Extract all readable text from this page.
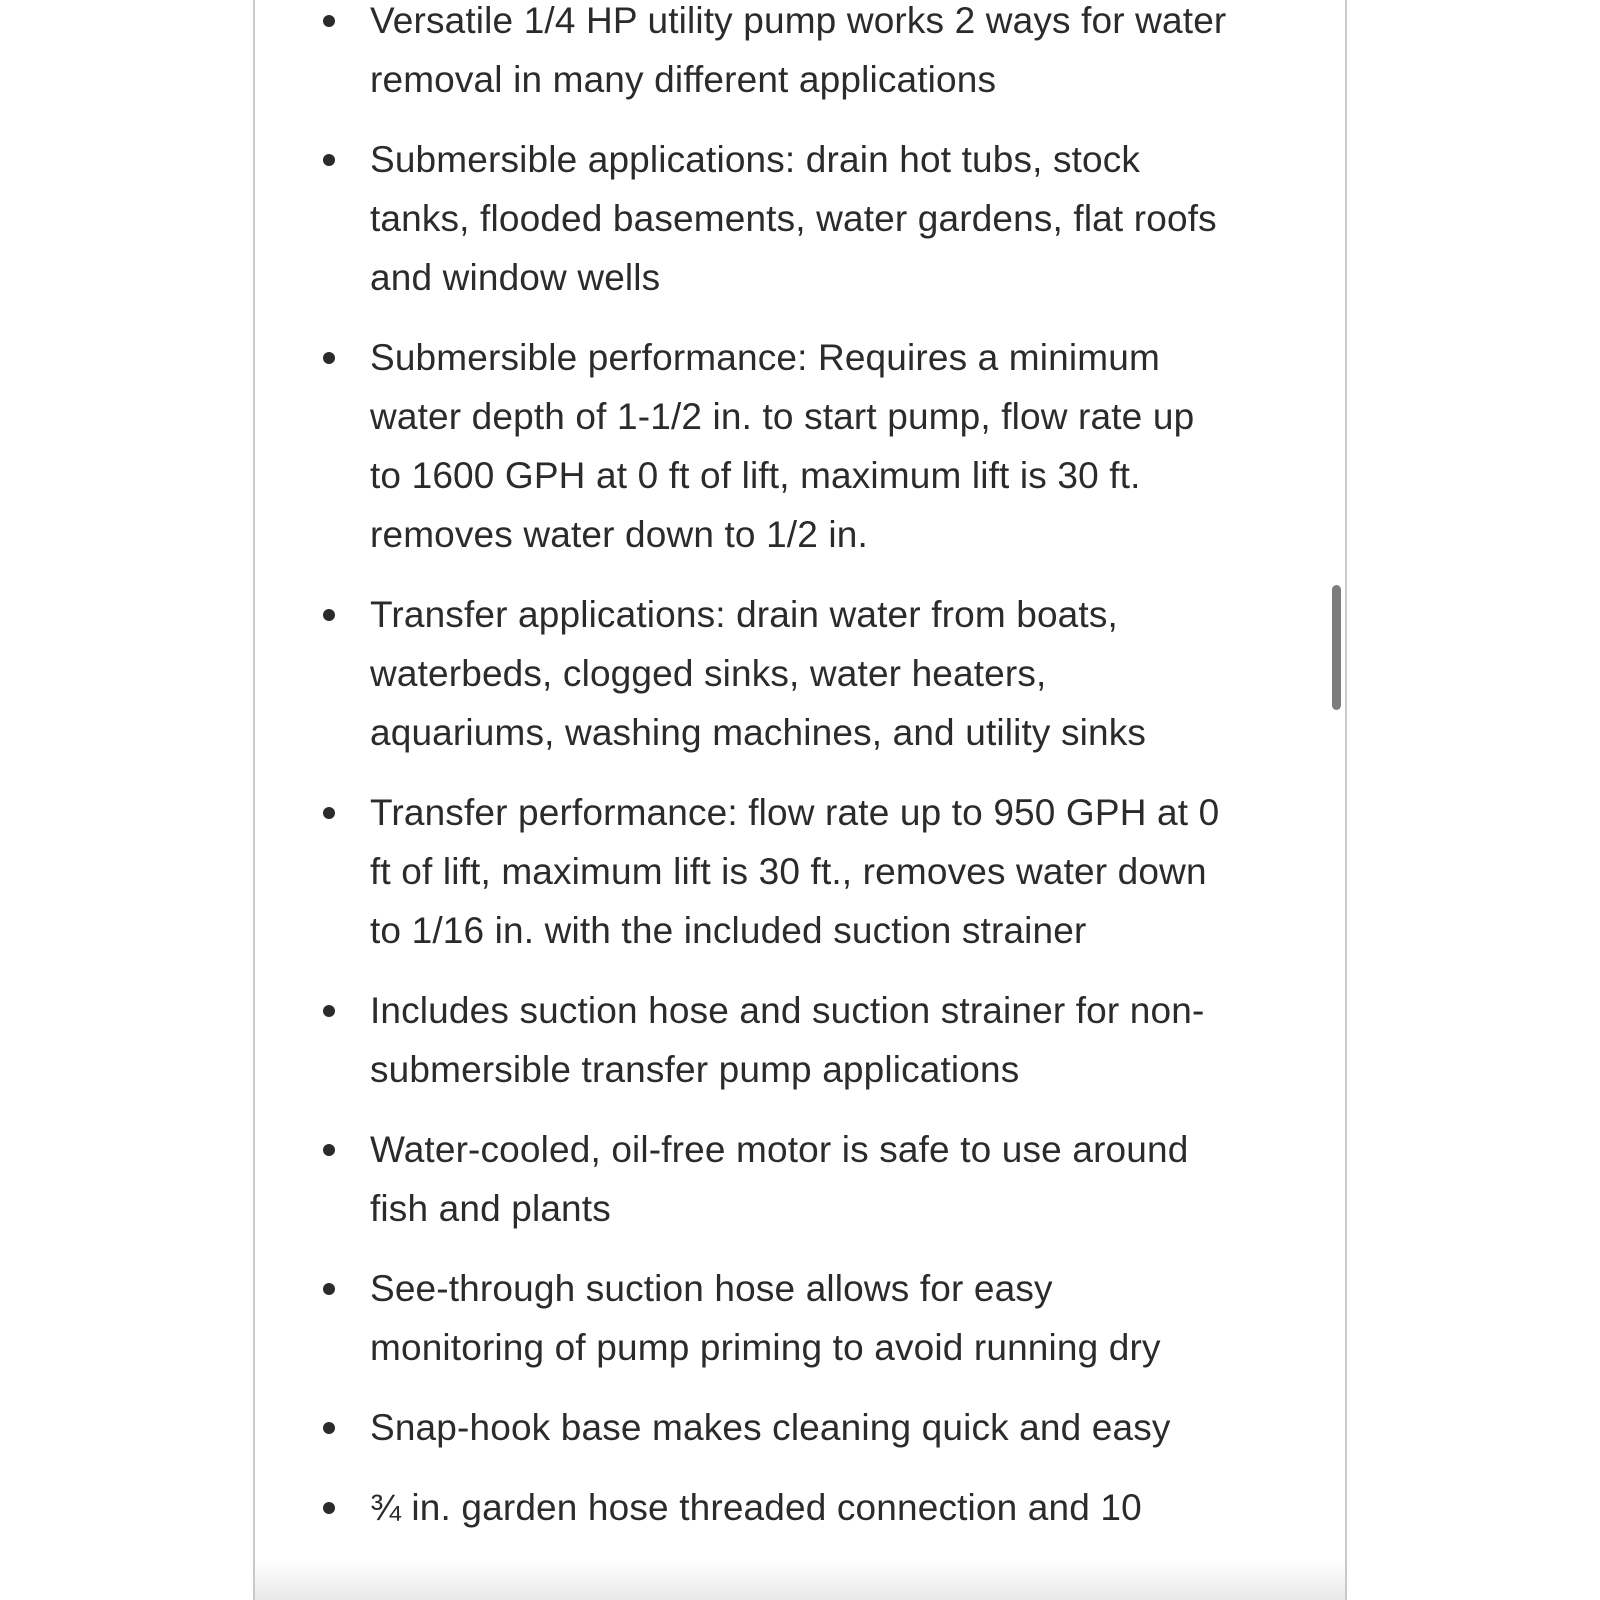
Versatile 1/4 HP utility pump works 2 ways for water removal in many different applications
Submersible applications: drain hot tubs, stock tanks, flooded basements, water gardens, flat roofs and window wells
Submersible performance: Requires a minimum water depth of 1-1/2 in. to start pump, flow rate up to 1600 GPH at 0 ft of lift, maximum lift is 30 ft. removes water down to 1/2 in.
Transfer applications: drain water from boats, waterbeds, clogged sinks, water heaters, aquariums, washing machines, and utility sinks
Transfer performance: flow rate up to 950 GPH at 0 ft of lift, maximum lift is 30 ft., removes water down to 1/16 in. with the included suction strainer
Includes suction hose and suction strainer for non-submersible transfer pump applications
Water-cooled, oil-free motor is safe to use around fish and plants
See-through suction hose allows for easy monitoring of pump priming to avoid running dry
Snap-hook base makes cleaning quick and easy
¾ in. garden hose threaded connection and 10
